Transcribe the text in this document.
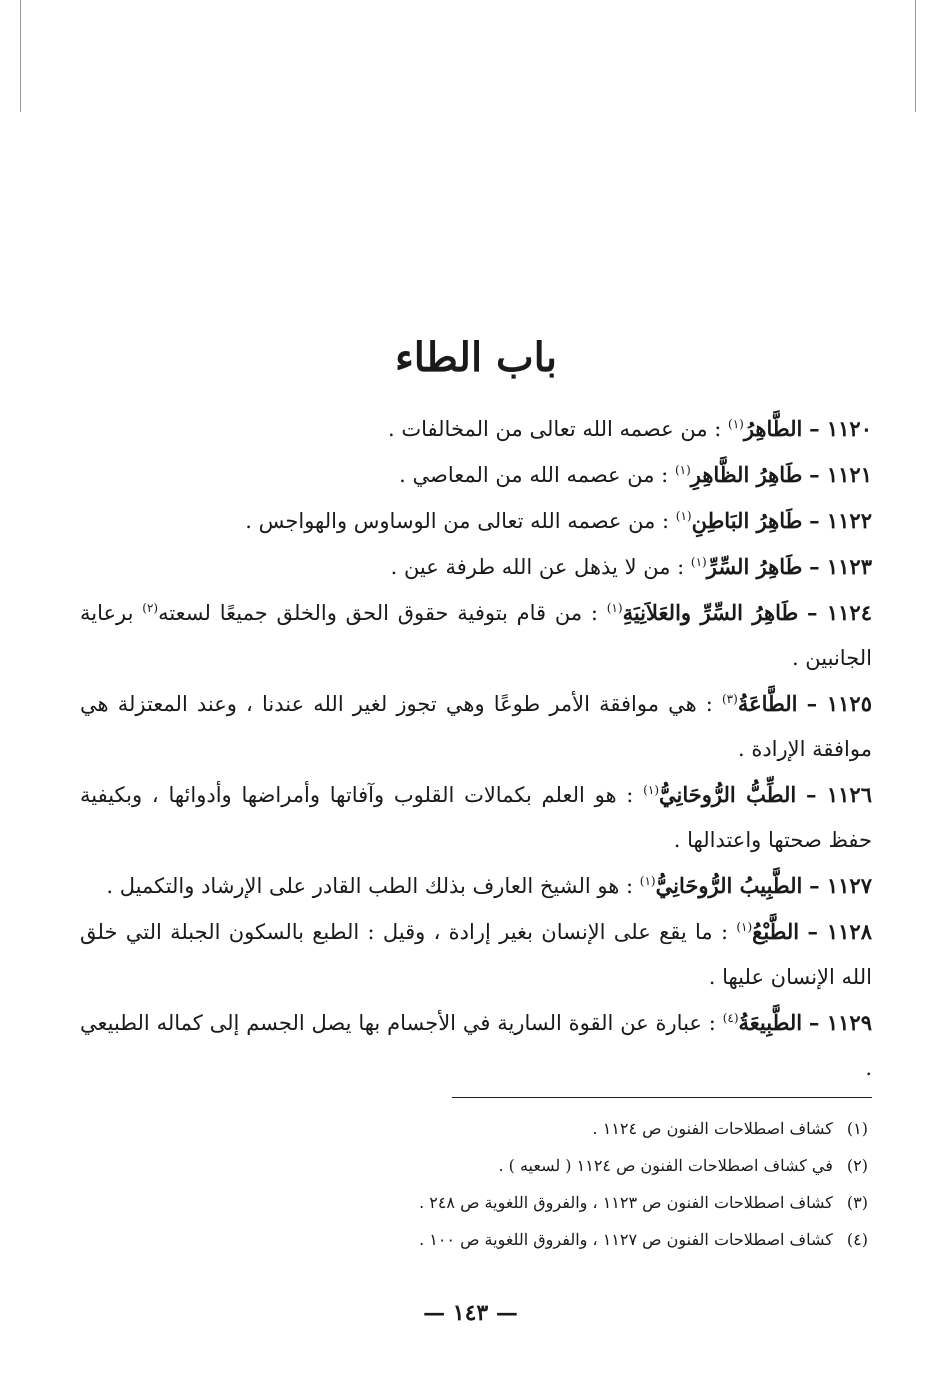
باب الطاء
١١٢٠ – الطَّاهِرُ$^{(١)}$ : من عصمه الله تعالى من المخالفات .
١١٢١ – طَاهِرُ الظَّاهِرِ$^{(١)}$ : من عصمه الله من المعاصي .
١١٢٢ – طَاهِرُ البَاطِنِ$^{(١)}$ : من عصمه الله تعالى من الوساوس والهواجس .
١١٢٣ – طَاهِرُ السِّرِّ$^{(١)}$ : من لا يذهل عن الله طرفة عين .
١١٢٤ – طَاهِرُ السِّرِّ والعَلاَنِيَةِ$^{(١)}$ : من قام بتوفية حقوق الحق والخلق جميعًا لسعته$^{(٢)}$ برعاية الجانبين .
١١٢٥ – الطَّاعَةُ$^{(٣)}$ : هي موافقة الأمر طوعًا وهي تجوز لغير الله عندنا ، وعند المعتزلة هي موافقة الإرادة .
١١٢٦ – الطِّبُّ الرُّوحَانِيُّ$^{(١)}$ : هو العلم بكمالات القلوب وآفاتها وأمراضها وأدوائها ، وبكيفية حفظ صحتها واعتدالها .
١١٢٧ – الطَّبِيبُ الرُّوحَانِيُّ$^{(١)}$ : هو الشيخ العارف بذلك الطب القادر على الإرشاد والتكميل .
١١٢٨ – الطَّبْعُ$^{(١)}$ : ما يقع على الإنسان بغير إرادة ، وقيل : الطبع بالسكون الجبلة التي خلق الله الإنسان عليها .
١١٢٩ – الطَّبِيعَةُ$^{(٤)}$ : عبارة عن القوة السارية في الأجسام بها يصل الجسم إلى كماله الطبيعي .
(١) كشاف اصطلاحات الفنون ص ١١٢٤ .
(٢) في كشاف اصطلاحات الفنون ص ١١٢٤ ( لسعيه ) .
(٣) كشاف اصطلاحات الفنون ص ١١٢٣ ، والفروق اللغوية ص ٢٤٨ .
(٤) كشاف اصطلاحات الفنون ص ١١٢٧ ، والفروق اللغوية ص ١٠٠ .
— ١٤٣ —
